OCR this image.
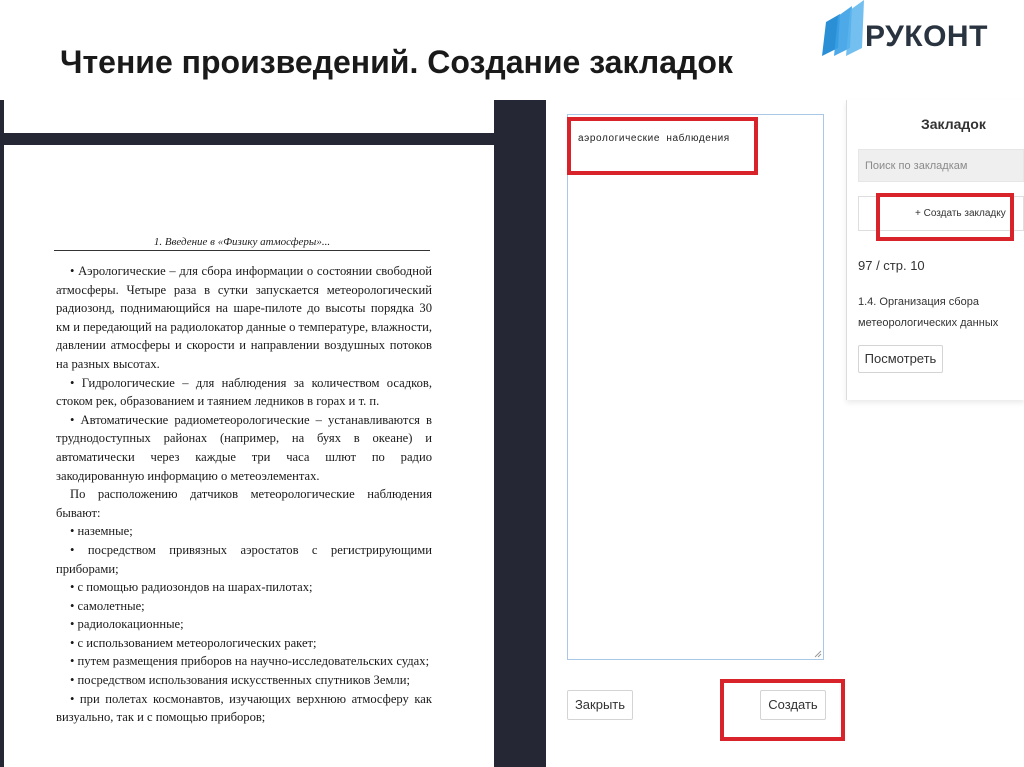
Чтение произведений. Создание закладок
РУКОНТ
1. Введение в «Физику атмосферы»...

• Аэрологические – для сбора информации о состоянии свободной атмосферы. Четыре раза в сутки запускается метеорологический радиозонд, поднимающийся на шаре-пилоте до высоты порядка 30 км и передающий на радиолокатор данные о температуре, влажности, давлении атмосферы и скорости и направлении воздушных потоков на разных высотах.

• Гидрологические – для наблюдения за количеством осадков, стоком рек, образованием и таянием ледников в горах и т. п.

• Автоматические радиометеорологические – устанавливаются в труднодоступных районах (например, на буях в океане) и автоматически через каждые три часа шлют по радио закодированную информацию о метеоэлементах.

По расположению датчиков метеорологические наблюдения бывают:

• наземные;

• посредством привязных аэростатов с регистрирующими приборами;

• с помощью радиозондов на шарах-пилотах;

• самолетные;

• радиолокационные;

• с использованием метеорологических ракет;

• путем размещения приборов на научно-исследовательских судах;

• посредством использования искусственных спутников Земли;

• при полетах космонавтов, изучающих верхнюю атмосферу как визуально, так и с помощью приборов;

аэрологические наблюдения
Закрыть	Создать
Закладок
Поиск по закладкам
+ Создать закладку
97 / стр. 10
1.4. Организация сбора метеорологических данных
Посмотреть
